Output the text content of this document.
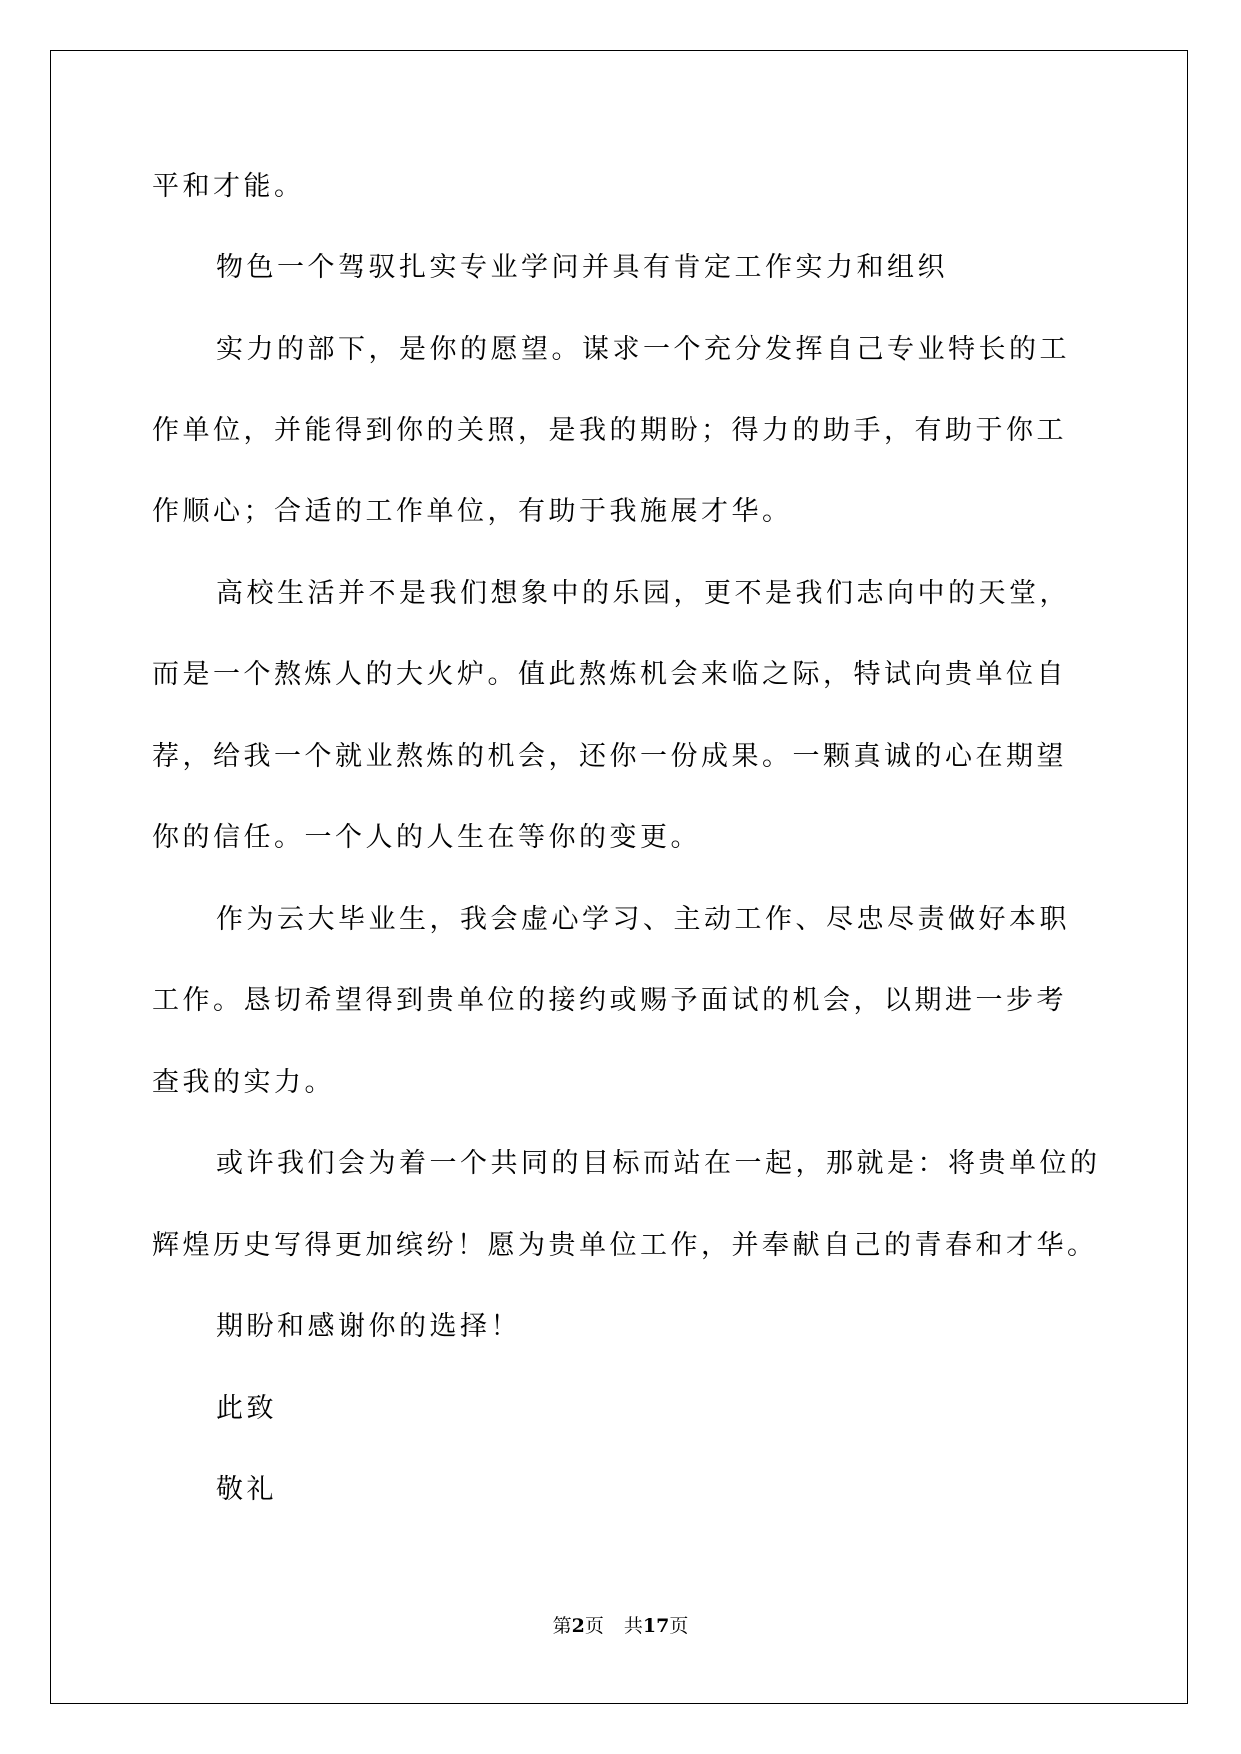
平和才能。
物色一个驾驭扎实专业学问并具有肯定工作实力和组织
实力的部下，是你的愿望。谋求一个充分发挥自己专业特长的工
作单位，并能得到你的关照，是我的期盼；得力的助手，有助于你工
作顺心；合适的工作单位，有助于我施展才华。
高校生活并不是我们想象中的乐园，更不是我们志向中的天堂，
而是一个熬炼人的大火炉。值此熬炼机会来临之际，特试向贵单位自
荐，给我一个就业熬炼的机会，还你一份成果。一颗真诚的心在期望
你的信任。一个人的人生在等你的变更。
作为云大毕业生，我会虚心学习、主动工作、尽忠尽责做好本职
工作。恳切希望得到贵单位的接约或赐予面试的机会，以期进一步考
查我的实力。
或许我们会为着一个共同的目标而站在一起，那就是：将贵单位的
辉煌历史写得更加缤纷！愿为贵单位工作，并奉献自己的青春和才华。
期盼和感谢你的选择！
此致
敬礼
第2页 共17页
